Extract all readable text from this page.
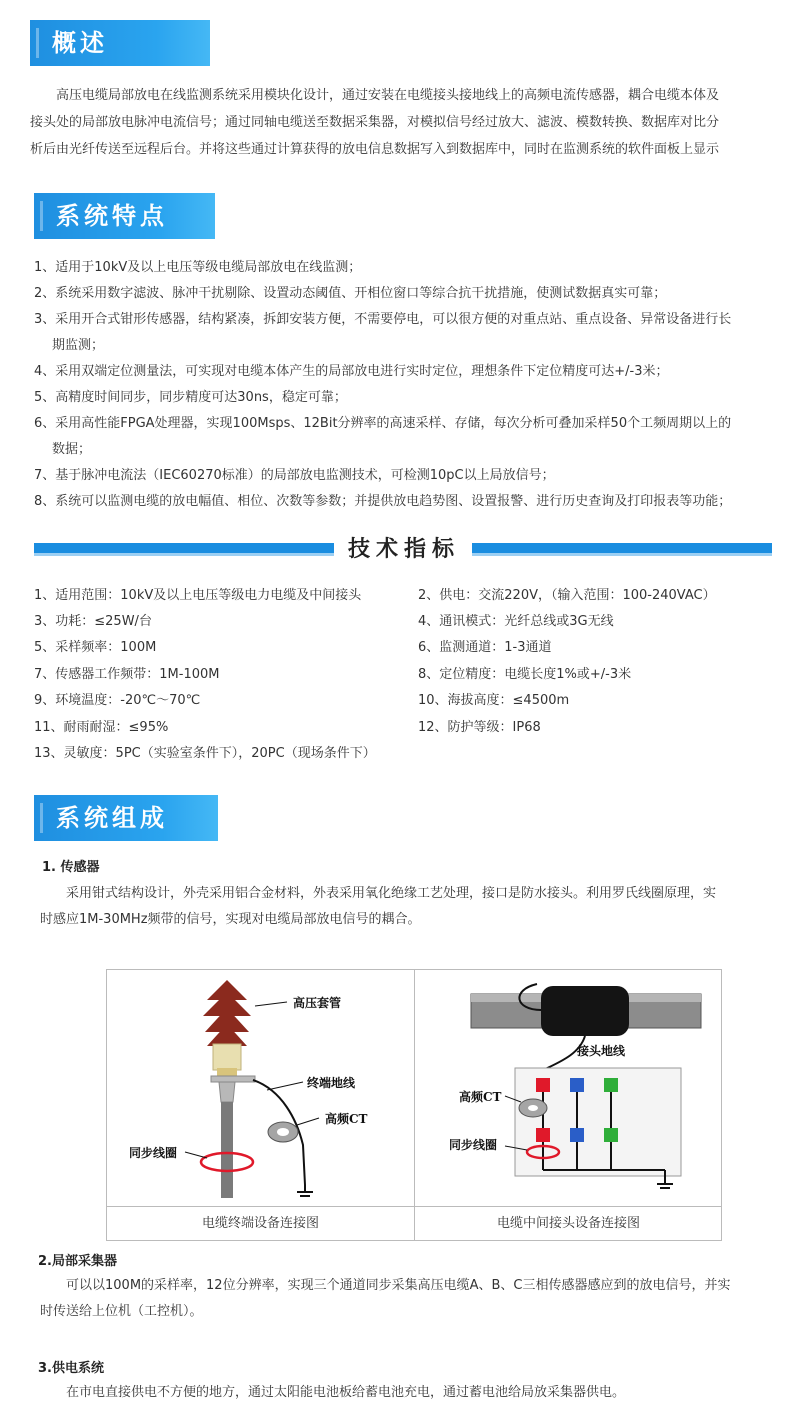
概述
高压电缆局部放电在线监测系统采用模块化设计，通过安装在电缆接头接地线上的高频电流传感器，耦合电缆本体及
接头处的局部放电脉冲电流信号；通过同轴电缆送至数据采集器，对模拟信号经过放大、滤波、模数转换、数据库对比分
析后由光纤传送至远程后台。并将这些通过计算获得的放电信息数据写入到数据库中，同时在监测系统的软件面板上显示
系统特点
1、适用于10kV及以上电压等级电缆局部放电在线监测；
2、系统采用数字滤波、脉冲干扰剔除、设置动态阈值、开相位窗口等综合抗干扰措施，使测试数据真实可靠；
3、采用开合式钳形传感器，结构紧凑，拆卸安装方便，不需要停电，可以很方便的对重点站、重点设备、异常设备进行长
期监测；
4、采用双端定位测量法，可实现对电缆本体产生的局部放电进行实时定位，理想条件下定位精度可达+/-3米；
5、高精度时间同步，同步精度可达30ns，稳定可靠；
6、采用高性能FPGA处理器，实现100Msps、12Bit分辨率的高速采样、存储，每次分析可叠加采样50个工频周期以上的
数据；
7、基于脉冲电流法（IEC60270标准）的局部放电监测技术，可检测10pC以上局放信号；
8、系统可以监测电缆的放电幅值、相位、次数等参数；并提供放电趋势图、设置报警、进行历史查询及打印报表等功能；
技术指标
1、适用范围：10kV及以上电压等级电力电缆及中间接头
3、功耗：≤25W/台
5、采样频率：100M
7、传感器工作频带：1M-100M
9、环境温度：-20℃～70℃
11、耐雨耐湿：≤95%
13、灵敏度：5PC（实验室条件下），20PC（现场条件下）
2、供电：交流220V，（输入范围：100-240VAC）
4、通讯模式：光纤总线或3G无线
6、监测通道：1-3通道
8、定位精度：电缆长度1%或+/-3米
10、海拔高度：≤4500m
12、防护等级：IP68
系统组成
1. 传感器
采用钳式结构设计，外壳采用铝合金材料，外表采用氧化绝缘工艺处理，接口是防水接头。利用罗氏线圈原理，实
时感应1M-30MHz频带的信号，实现对电缆局部放电信号的耦合。
高压套管
终端地线
高频CT
同步线圈
接头地线
高频CT
同步线圈
电缆终端设备连接图	电缆中间接头设备连接图
2.局部采集器
可以以100M的采样率，12位分辨率，实现三个通道同步采集高压电缆A、B、C三相传感器感应到的放电信号，并实
时传送给上位机（工控机）。
3.供电系统
在市电直接供电不方便的地方，通过太阳能电池板给蓄电池充电，通过蓄电池给局放采集器供电。
